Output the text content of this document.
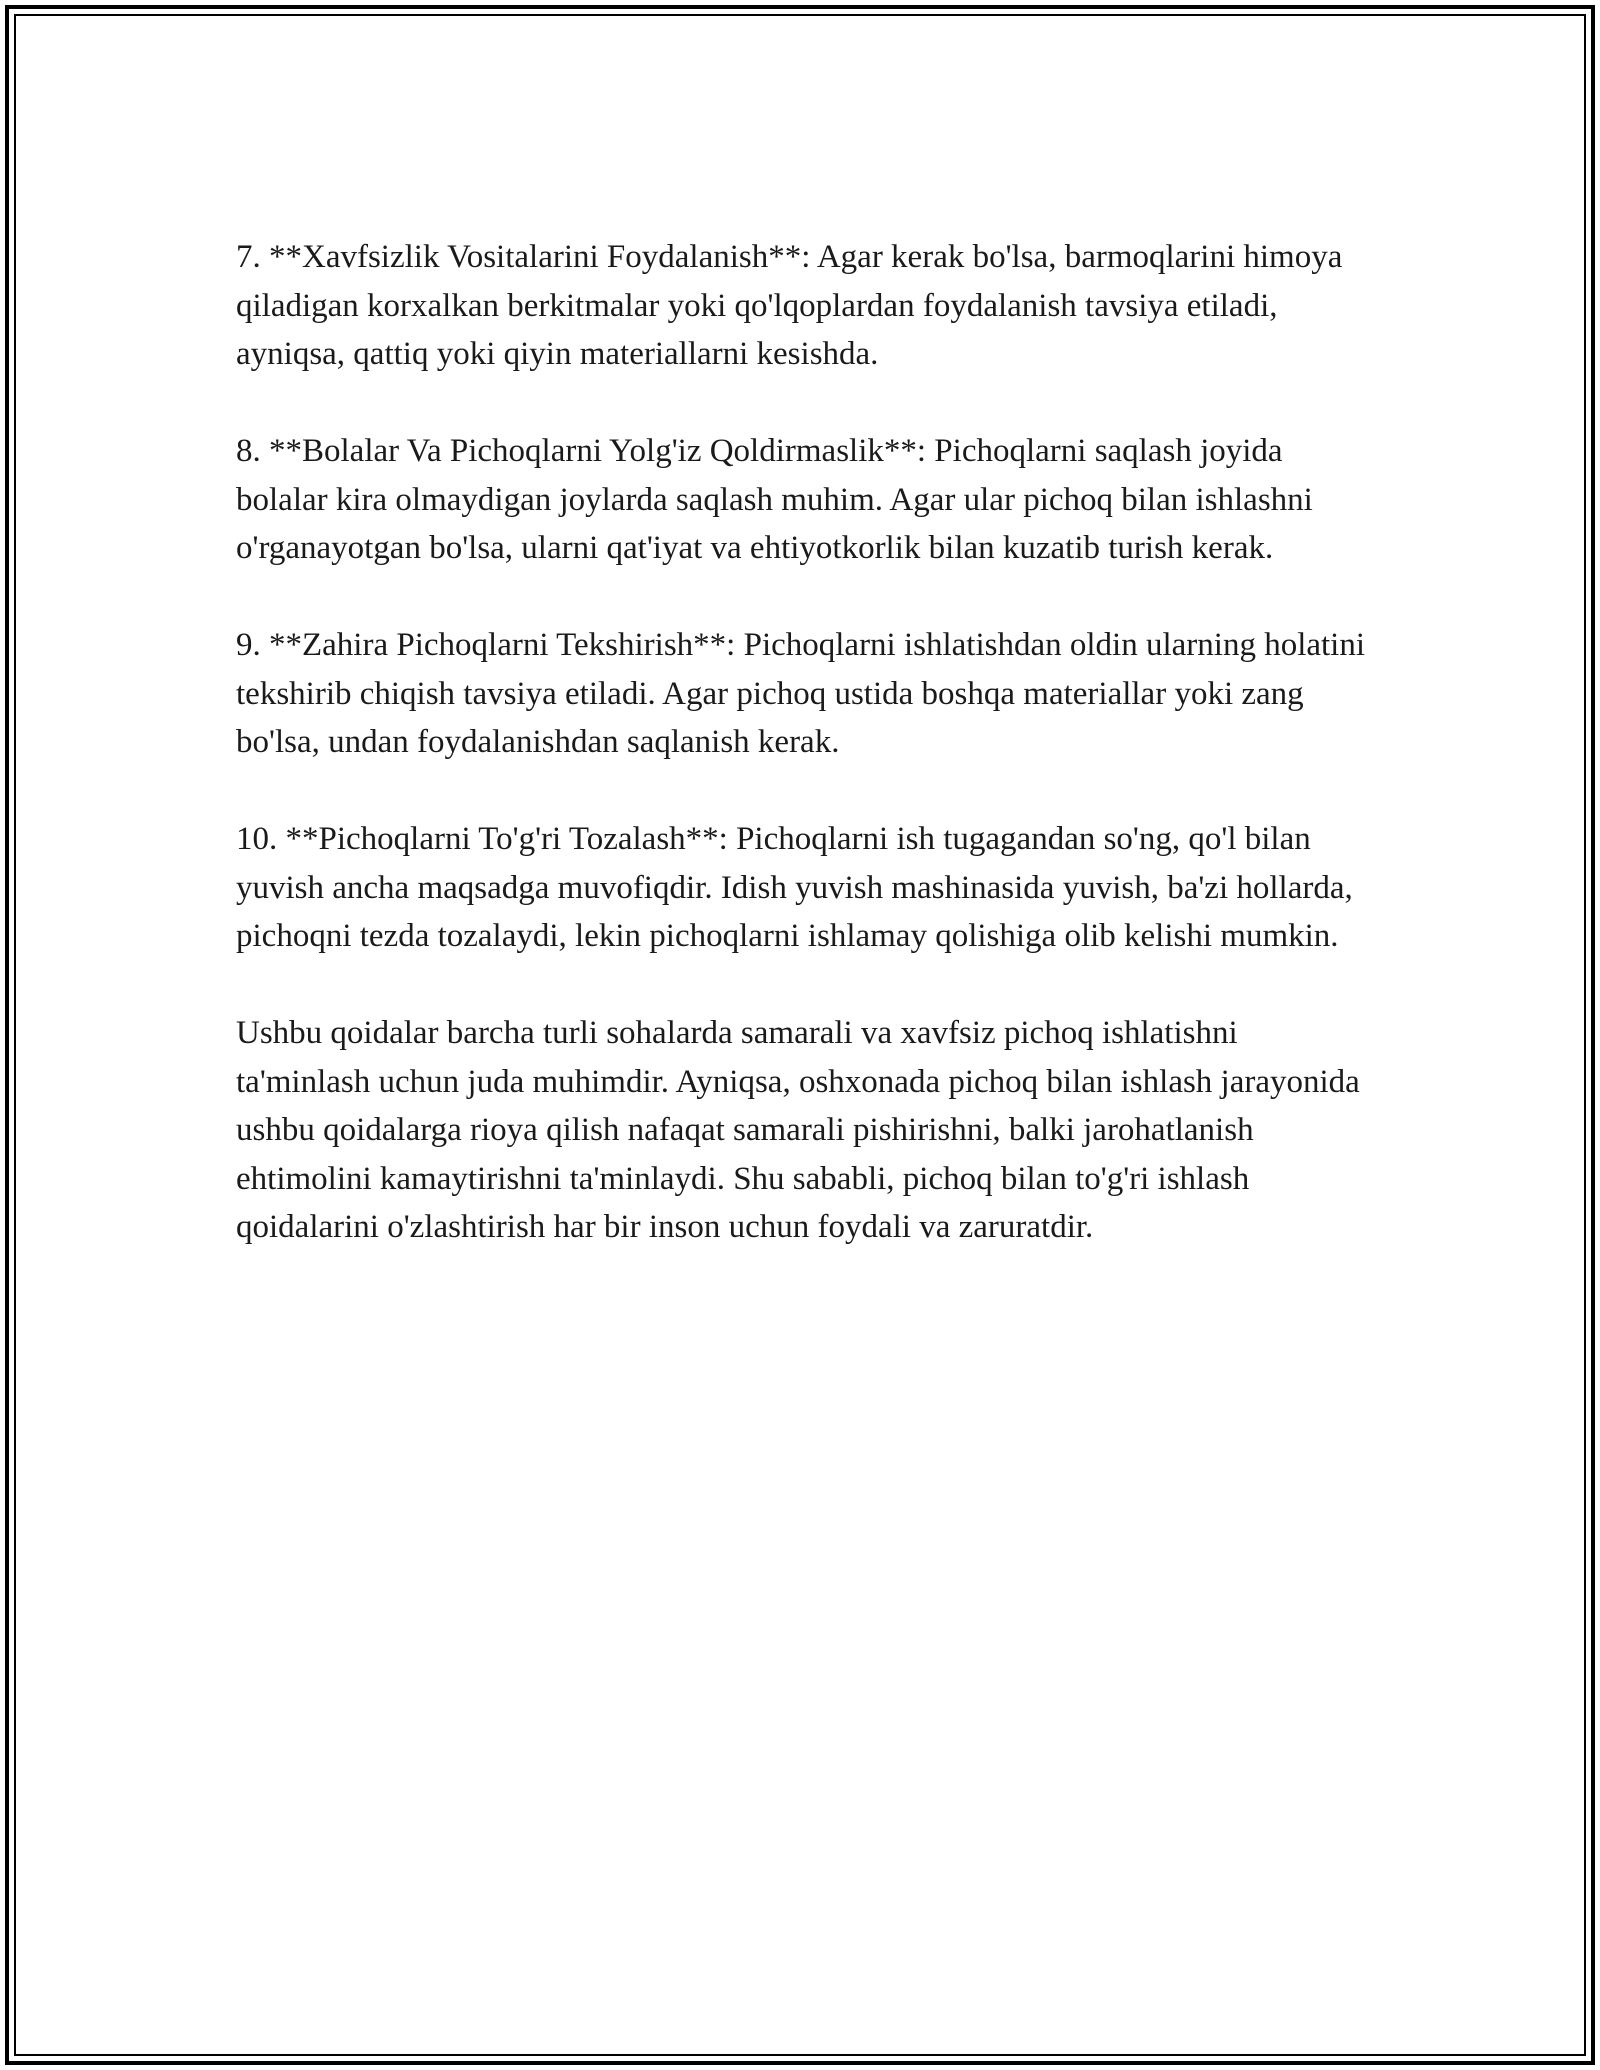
7. **Xavfsizlik Vositalarini Foydalanish**: Agar kerak bo'lsa, barmoqlarini himoya qiladigan korxalkan berkitmalar yoki qo'lqoplardan foydalanish tavsiya etiladi, ayniqsa, qattiq yoki qiyin materiallarni kesishda.

8. **Bolalar Va Pichoqlarni Yolg'iz Qoldirmaslik**: Pichoqlarni saqlash joyida bolalar kira olmaydigan joylarda saqlash muhim. Agar ular pichoq bilan ishlashni o'rganayotgan bo'lsa, ularni qat'iyat va ehtiyotkorlik bilan kuzatib turish kerak.

9. **Zahira Pichoqlarni Tekshirish**: Pichoqlarni ishlatishdan oldin ularning holatini tekshirib chiqish tavsiya etiladi. Agar pichoq ustida boshqa materiallar yoki zang bo'lsa, undan foydalanishdan saqlanish kerak.

10. **Pichoqlarni To'g'ri Tozalash**: Pichoqlarni ish tugagandan so'ng, qo'l bilan yuvish ancha maqsadga muvofiqdir. Idish yuvish mashinasida yuvish, ba'zi hollarda, pichoqni tezda tozalaydi, lekin pichoqlarni ishlamay qolishiga olib kelishi mumkin.

Ushbu qoidalar barcha turli sohalarda samarali va xavfsiz pichoq ishlatishni ta'minlash uchun juda muhimdir. Ayniqsa, oshxonada pichoq bilan ishlash jarayonida ushbu qoidalarga rioya qilish nafaqat samarali pishirishni, balki jarohatlanish ehtimolini kamaytirishni ta'minlaydi. Shu sababli, pichoq bilan to'g'ri ishlash qoidalarini o'zlashtirish har bir inson uchun foydali va zaruratdir.
